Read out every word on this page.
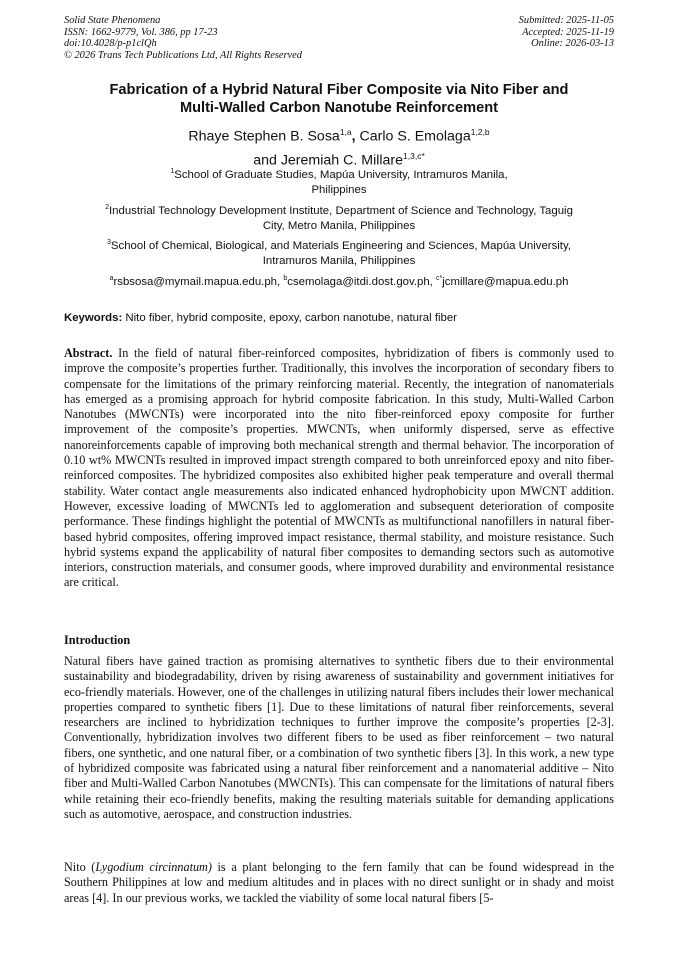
Solid State Phenomena
ISSN: 1662-9779, Vol. 386, pp 17-23
doi:10.4028/p-p1clQh
© 2026 Trans Tech Publications Ltd, All Rights Reserved
Submitted: 2025-11-05
Accepted: 2025-11-19
Online: 2026-03-13
Fabrication of a Hybrid Natural Fiber Composite via Nito Fiber and
Multi-Walled Carbon Nanotube Reinforcement
Rhaye Stephen B. Sosa$^{1,a}$, Carlo S. Emolaga$^{1,2,b}$
and Jeremiah C. Millare$^{1,3,c*}$
$^1$School of Graduate Studies, Mapúa University, Intramuros Manila,
Philippines
$^2$Industrial Technology Development Institute, Department of Science and Technology, Taguig
City, Metro Manila, Philippines
$^3$School of Chemical, Biological, and Materials Engineering and Sciences, Mapúa University,
Intramuros Manila, Philippines
$^a$rsbsosa@mymail.mapua.edu.ph, $^b$csemolaga@itdi.dost.gov.ph, $^{c*}$jcmillare@mapua.edu.ph
Keywords: Nito fiber, hybrid composite, epoxy, carbon nanotube, natural fiber
Abstract. In the field of natural fiber-reinforced composites, hybridization of fibers is commonly used to improve the composite’s properties further. Traditionally, this involves the incorporation of secondary fibers to compensate for the limitations of the primary reinforcing material. Recently, the integration of nanomaterials has emerged as a promising approach for hybrid composite fabrication. In this study, Multi-Walled Carbon Nanotubes (MWCNTs) were incorporated into the nito fiber-reinforced epoxy composite for further improvement of the composite’s properties. MWCNTs, when uniformly dispersed, serve as effective nanoreinforcements capable of improving both mechanical strength and thermal behavior. The incorporation of 0.10 wt% MWCNTs resulted in improved impact strength compared to both unreinforced epoxy and nito fiber-reinforced composites. The hybridized composites also exhibited higher peak temperature and overall thermal stability. Water contact angle measurements also indicated enhanced hydrophobicity upon MWCNT addition. However, excessive loading of MWCNTs led to agglomeration and subsequent deterioration of composite performance. These findings highlight the potential of MWCNTs as multifunctional nanofillers in natural fiber-based hybrid composites, offering improved impact resistance, thermal stability, and moisture resistance. Such hybrid systems expand the applicability of natural fiber composites to demanding sectors such as automotive interiors, construction materials, and consumer goods, where improved durability and environmental resistance are critical.
Introduction
Natural fibers have gained traction as promising alternatives to synthetic fibers due to their environmental sustainability and biodegradability, driven by rising awareness of sustainability and government initiatives for eco-friendly materials. However, one of the challenges in utilizing natural fibers includes their lower mechanical properties compared to synthetic fibers [1]. Due to these limitations of natural fiber reinforcements, several researchers are inclined to hybridization techniques to further improve the composite’s properties [2-3]. Conventionally, hybridization involves two different fibers to be used as fiber reinforcement – two natural fibers, one synthetic, and one natural fiber, or a combination of two synthetic fibers [3]. In this work, a new type of hybridized composite was fabricated using a natural fiber reinforcement and a nanomaterial additive – Nito fiber and Multi-Walled Carbon Nanotubes (MWCNTs). This can compensate for the limitations of natural fibers while retaining their eco-friendly benefits, making the resulting materials suitable for demanding applications such as automotive, aerospace, and construction industries.
Nito (Lygodium circinnatum) is a plant belonging to the fern family that can be found widespread in the Southern Philippines at low and medium altitudes and in places with no direct sunlight or in shady and moist areas [4]. In our previous works, we tackled the viability of some local natural fibers [5-
